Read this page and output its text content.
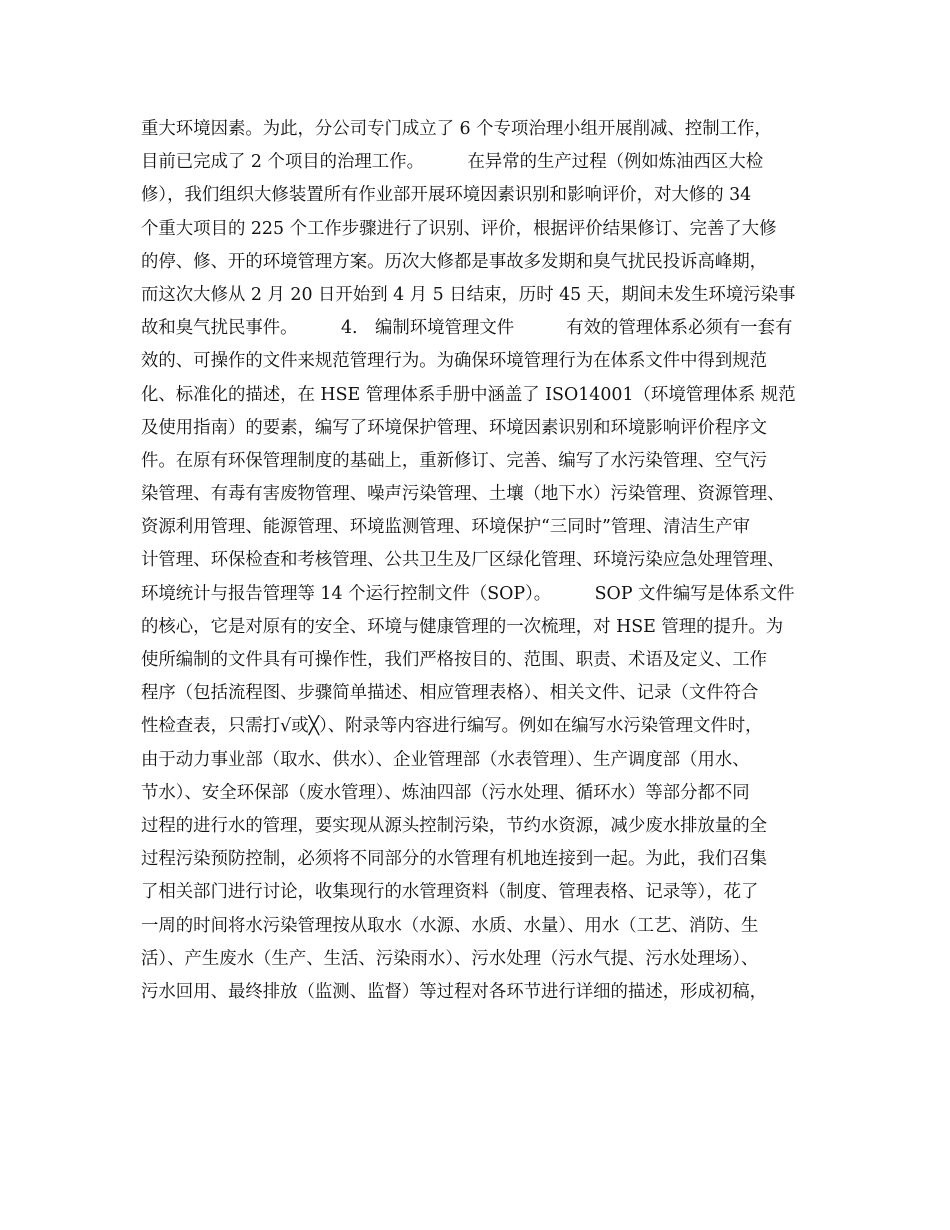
重大环境因素。为此，分公司专门成立了 6 个专项治理小组开展削减、控制工作，
目前已完成了 2 个项目的治理工作。　　　在异常的生产过程（例如炼油西区大检
修），我们组织大修装置所有作业部开展环境因素识别和影响评价，对大修的 34
个重大项目的 225 个工作步骤进行了识别、评价，根据评价结果修订、完善了大修
的停、修、开的环境管理方案。历次大修都是事故多发期和臭气扰民投诉高峰期，
而这次大修从 2 月 20 日开始到 4 月 5 日结束，历时 45 天，期间未发生环境污染事
故和臭气扰民事件。　　　4.　编制环境管理文件　　　有效的管理体系必须有一套有
效的、可操作的文件来规范管理行为。为确保环境管理行为在体系文件中得到规范
化、标准化的描述，在 HSE 管理体系手册中涵盖了 ISO14001（环境管理体系 规范
及使用指南）的要素，编写了环境保护管理、环境因素识别和环境影响评价程序文
件。在原有环保管理制度的基础上，重新修订、完善、编写了水污染管理、空气污
染管理、有毒有害废物管理、噪声污染管理、土壤（地下水）污染管理、资源管理、
资源利用管理、能源管理、环境监测管理、环境保护“三同时”管理、清洁生产审
计管理、环保检查和考核管理、公共卫生及厂区绿化管理、环境污染应急处理管理、
环境统计与报告管理等 14 个运行控制文件（SOP）。　　　SOP 文件编写是体系文件
的核心，它是对原有的安全、环境与健康管理的一次梳理，对 HSE 管理的提升。为
使所编制的文件具有可操作性，我们严格按目的、范围、职责、术语及定义、工作
程序（包括流程图、步骤简单描述、相应管理表格）、相关文件、记录（文件符合
性检查表，只需打√或╳）、附录等内容进行编写。例如在编写水污染管理文件时，
由于动力事业部（取水、供水）、企业管理部（水表管理）、生产调度部（用水、
节水）、安全环保部（废水管理）、炼油四部（污水处理、循环水）等部分都不同
过程的进行水的管理，要实现从源头控制污染，节约水资源，减少废水排放量的全
过程污染预防控制，必须将不同部分的水管理有机地连接到一起。为此，我们召集
了相关部门进行讨论，收集现行的水管理资料（制度、管理表格、记录等），花了
一周的时间将水污染管理按从取水（水源、水质、水量）、用水（工艺、消防、生
活）、产生废水（生产、生活、污染雨水）、污水处理（污水气提、污水处理场）、
污水回用、最终排放（监测、监督）等过程对各环节进行详细的描述，形成初稿，
